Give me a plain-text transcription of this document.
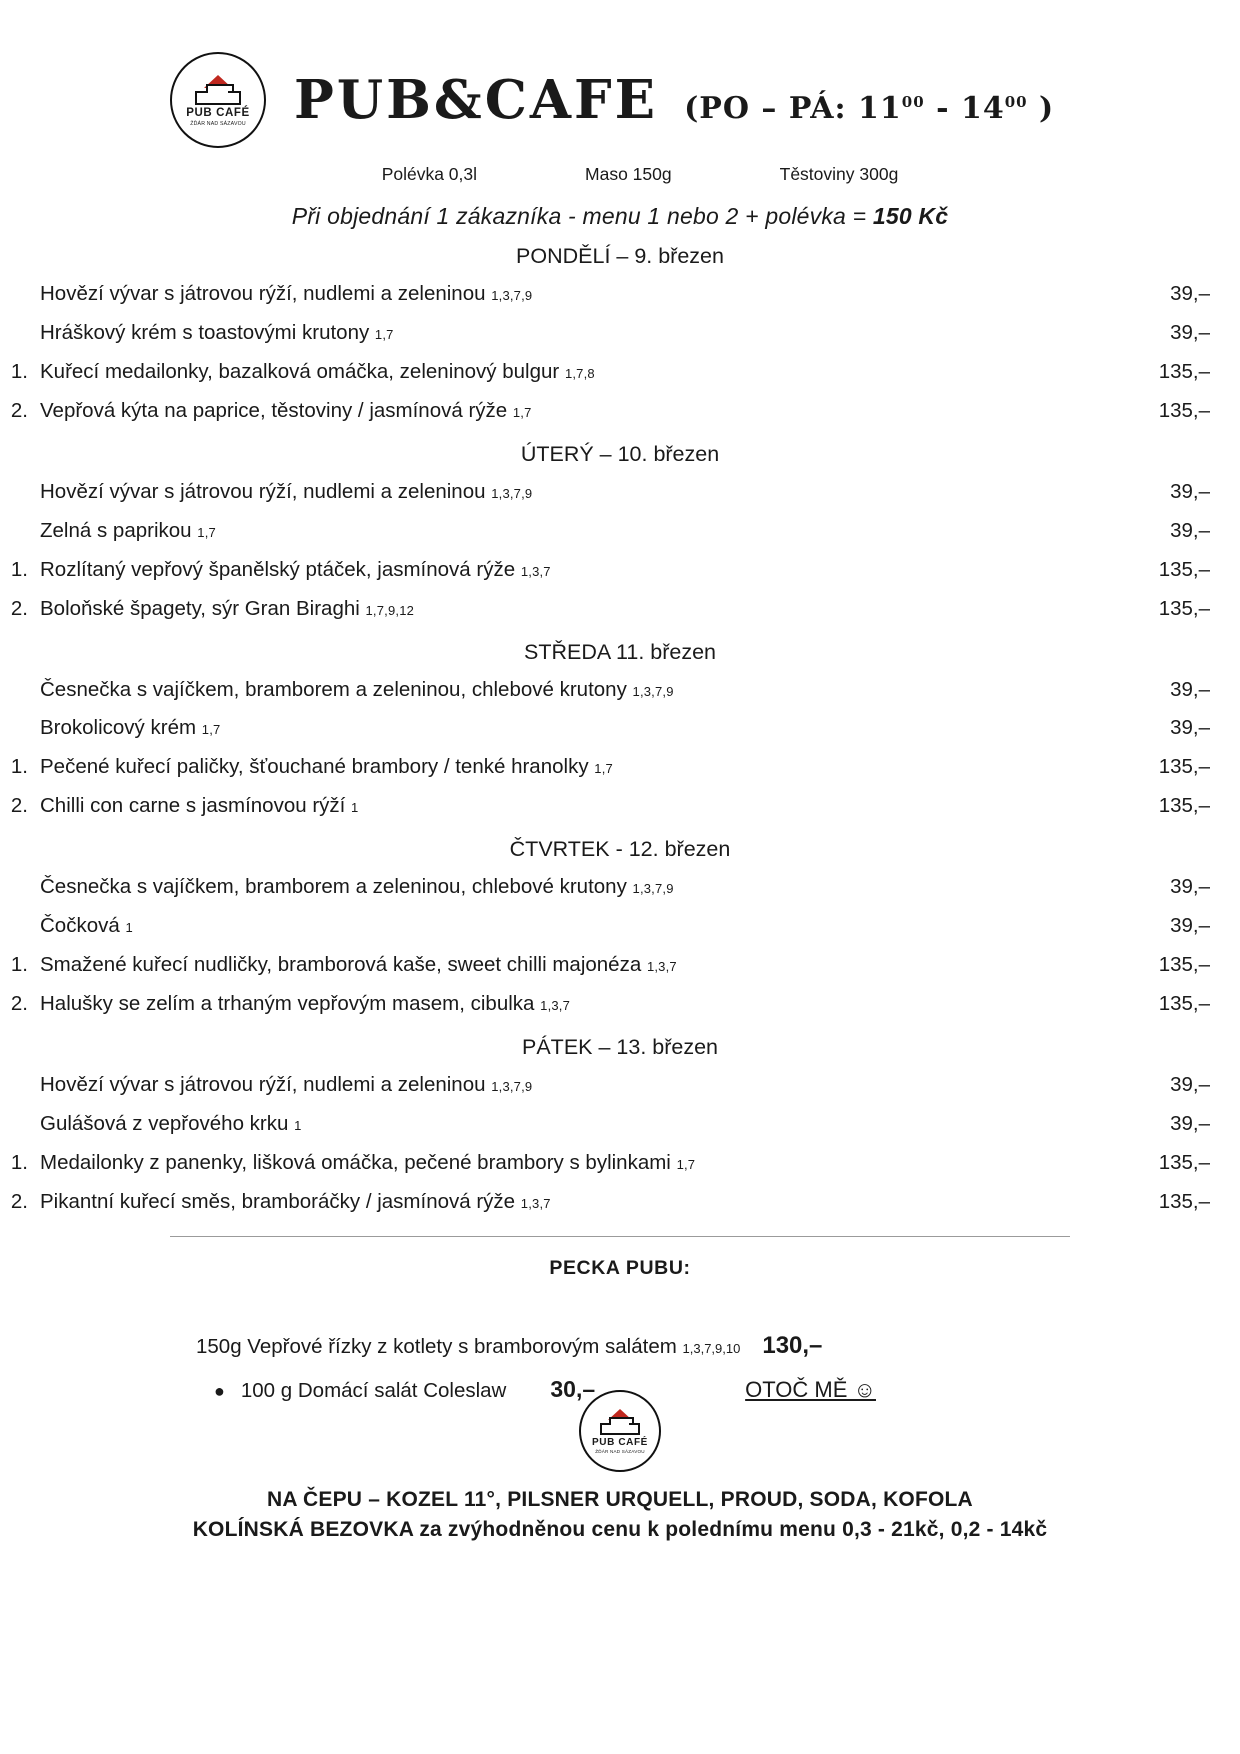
PUB CAFÉ
ŽĎÁR NAD SÁZAVOU PUB&CAFE (PO – PÁ: $11^{00} - 14^{00}$ )
Polévka 0,3l	Maso 150g	Těstoviny 300g
Při objednání 1 zákazníka - menu 1 nebo 2 + polévka = 150 Kč
PONDĚLÍ – 9. březen
Hovězí vývar s játrovou rýží, nudlemi a zeleninou 1,3,7,9	39,–
Hráškový krém s toastovými krutony 1,7	39,–
1. Kuřecí medailonky, bazalková omáčka, zeleninový bulgur 1,7,8	135,–
2. Vepřová kýta na paprice, těstoviny / jasmínová rýže 1,7	135,–
ÚTERÝ – 10. březen
Hovězí vývar s játrovou rýží, nudlemi a zeleninou 1,3,7,9	39,–
Zelná s paprikou 1,7	39,–
1. Rozlítaný vepřový španělský ptáček, jasmínová rýže 1,3,7	135,–
2. Boloňské špagety, sýr Gran Biraghi 1,7,9,12	135,–
STŘEDA 11. březen
Česnečka s vajíčkem, bramborem a zeleninou, chlebové krutony 1,3,7,9	39,–
Brokolicový krém 1,7	39,–
1. Pečené kuřecí paličky, šťouchané brambory / tenké hranolky 1,7	135,–
2. Chilli con carne s jasmínovou rýží 1	135,–
ČTVRTEK - 12. březen
Česnečka s vajíčkem, bramborem a zeleninou, chlebové krutony 1,3,7,9	39,–
Čočková 1	39,–
1. Smažené kuřecí nudličky, bramborová kaše, sweet chilli majonéza 1,3,7	135,–
2. Halušky se zelím a trhaným vepřovým masem, cibulka 1,3,7	135,–
PÁTEK – 13. březen
Hovězí vývar s játrovou rýží, nudlemi a zeleninou 1,3,7,9	39,–
Gulášová z vepřového krku 1	39,–
1. Medailonky z panenky, lišková omáčka, pečené brambory s bylinkami 1,7	135,–
2. Pikantní kuřecí směs, bramboráčky / jasmínová rýže 1,3,7	135,–
PECKA PUBU:
150g Vepřové řízky z kotlety s bramborovým salátem 1,3,7,9,10 130,–
● 100 g Domácí salát Coleslaw 30,–	OTOČ MĚ ☺
PUB CAFÉ
ŽĎÁR NAD SÁZAVOU
NA ČEPU – KOZEL 11°, PILSNER URQUELL, PROUD, SODA, KOFOLA
KOLÍNSKÁ BEZOVKA za zvýhodněnou cenu k polednímu menu 0,3 - 21kč, 0,2 - 14kč
